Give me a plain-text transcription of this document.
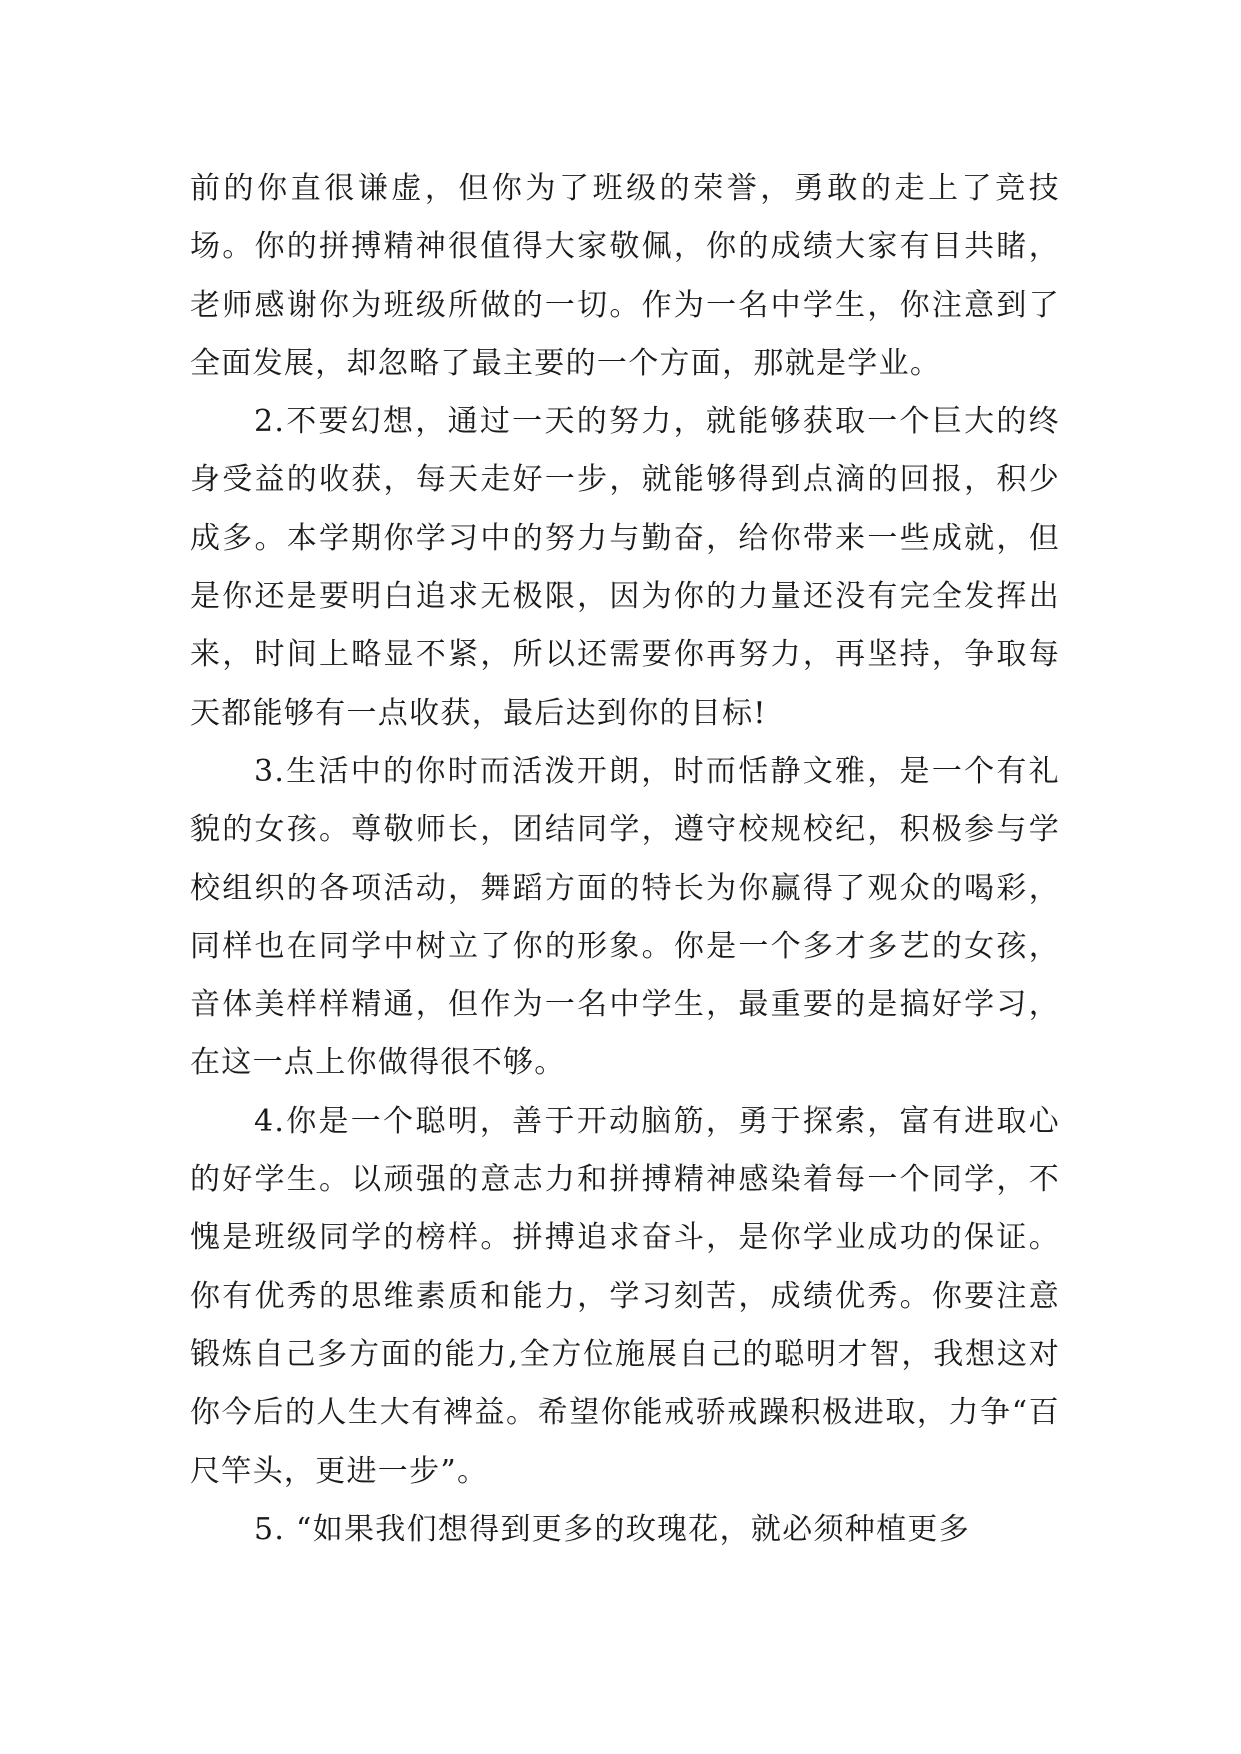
前的你直很谦虚，但你为了班级的荣誉，勇敢的走上了竞技场。你的拼搏精神很值得大家敬佩，你的成绩大家有目共睹，老师感谢你为班级所做的一切。作为一名中学生，你注意到了全面发展，却忽略了最主要的一个方面，那就是学业。

2.不要幻想，通过一天的努力，就能够获取一个巨大的终身受益的收获，每天走好一步，就能够得到点滴的回报，积少成多。本学期你学习中的努力与勤奋，给你带来一些成就，但是你还是要明白追求无极限，因为你的力量还没有完全发挥出来，时间上略显不紧，所以还需要你再努力，再坚持，争取每天都能够有一点收获，最后达到你的目标!

3.生活中的你时而活泼开朗，时而恬静文雅，是一个有礼貌的女孩。尊敬师长，团结同学，遵守校规校纪，积极参与学校组织的各项活动，舞蹈方面的特长为你赢得了观众的喝彩，同样也在同学中树立了你的形象。你是一个多才多艺的女孩，音体美样样精通，但作为一名中学生，最重要的是搞好学习，在这一点上你做得很不够。

4.你是一个聪明，善于开动脑筋，勇于探索，富有进取心的好学生。以顽强的意志力和拼搏精神感染着每一个同学，不愧是班级同学的榜样。拼搏追求奋斗，是你学业成功的保证。你有优秀的思维素质和能力，学习刻苦，成绩优秀。你要注意锻炼自己多方面的能力,全方位施展自己的聪明才智，我想这对你今后的人生大有裨益。希望你能戒骄戒躁积极进取，力争“百尺竿头，更进一步”。

5. “如果我们想得到更多的玫瑰花，就必须种植更多
